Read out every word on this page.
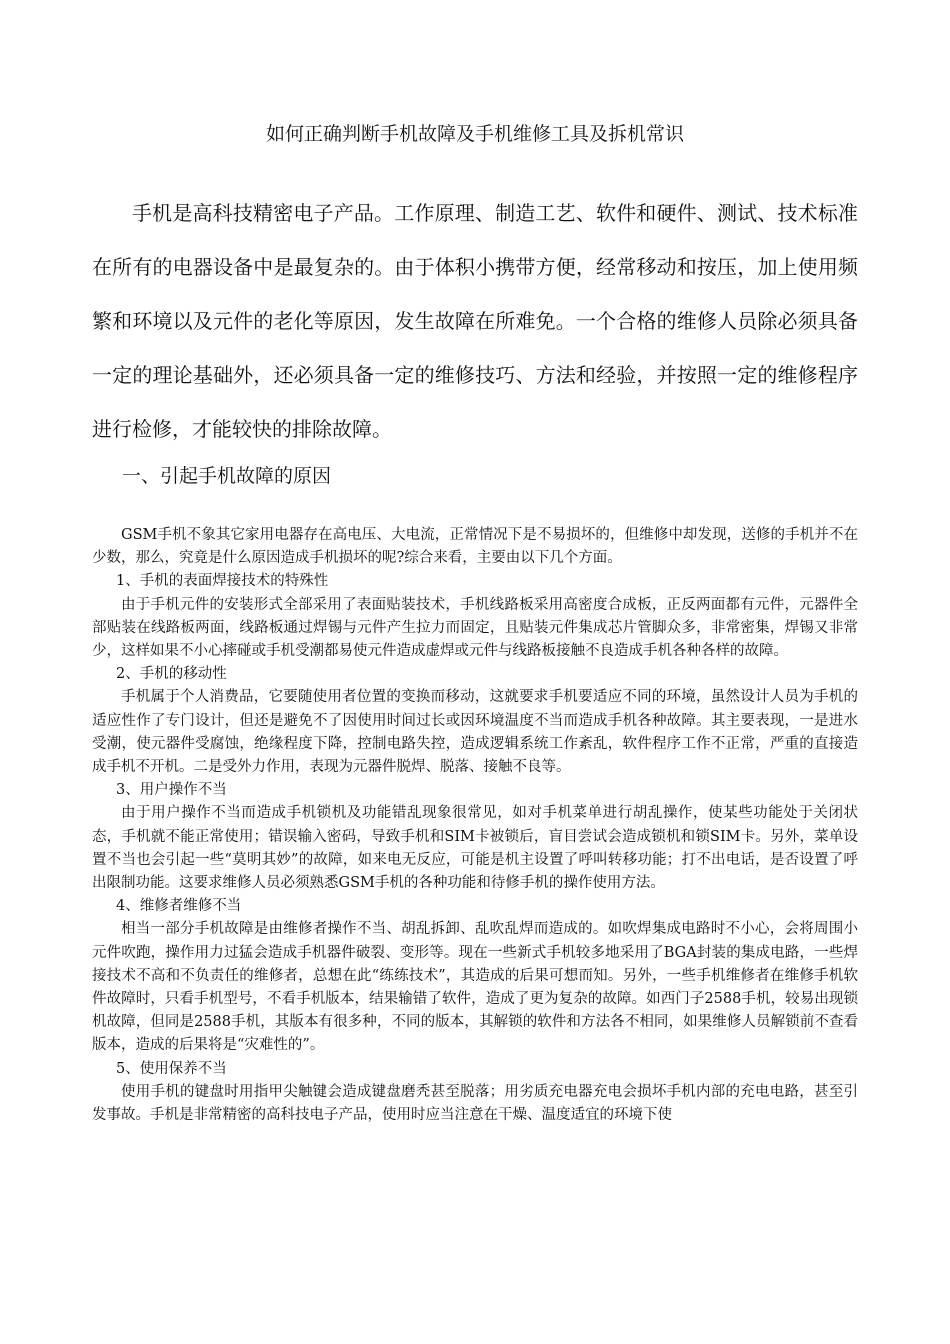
如何正确判断手机故障及手机维修工具及拆机常识

手机是高科技精密电子产品。工作原理、制造工艺、软件和硬件、测试、技术标准在所有的电器设备中是最复杂的。由于体积小携带方便，经常移动和按压，加上使用频繁和环境以及元件的老化等原因，发生故障在所难免。一个合格的维修人员除必须具备一定的理论基础外，还必须具备一定的维修技巧、方法和经验，并按照一定的维修程序进行检修，才能较快的排除故障。

一、引起手机故障的原因

GSM手机不象其它家用电器存在高电压、大电流，正常情况下是不易损坏的，但维修中却发现，送修的手机并不在少数，那么，究竟是什么原因造成手机损坏的呢?综合来看，主要由以下几个方面。

1、手机的表面焊接技术的特殊性

由于手机元件的安装形式全部采用了表面贴装技术，手机线路板采用高密度合成板，正反两面都有元件，元器件全部贴装在线路板两面，线路板通过焊锡与元件产生拉力而固定，且贴装元件集成芯片管脚众多，非常密集，焊锡又非常少，这样如果不小心摔碰或手机受潮都易使元件造成虚焊或元件与线路板接触不良造成手机各种各样的故障。

2、手机的移动性

手机属于个人消费品，它要随使用者位置的变换而移动，这就要求手机要适应不同的环境，虽然设计人员为手机的适应性作了专门设计，但还是避免不了因使用时间过长或因环境温度不当而造成手机各种故障。其主要表现，一是进水受潮，使元器件受腐蚀，绝缘程度下降，控制电路失控，造成逻辑系统工作紊乱，软件程序工作不正常，严重的直接造成手机不开机。二是受外力作用，表现为元器件脱焊、脱落、接触不良等。

3、用户操作不当

由于用户操作不当而造成手机锁机及功能错乱现象很常见，如对手机菜单进行胡乱操作，使某些功能处于关闭状态，手机就不能正常使用；错误输入密码，导致手机和SIM卡被锁后，盲目尝试会造成锁机和锁SIM卡。另外，菜单设置不当也会引起一些“莫明其妙”的故障，如来电无反应，可能是机主设置了呼叫转移功能；打不出电话，是否设置了呼出限制功能。这要求维修人员必须熟悉GSM手机的各种功能和待修手机的操作使用方法。

4、维修者维修不当

相当一部分手机故障是由维修者操作不当、胡乱拆卸、乱吹乱焊而造成的。如吹焊集成电路时不小心，会将周围小元件吹跑，操作用力过猛会造成手机器件破裂、变形等。现在一些新式手机较多地采用了BGA封装的集成电路，一些焊接技术不高和不负责任的维修者，总想在此“练练技术”，其造成的后果可想而知。另外，一些手机维修者在维修手机软件故障时，只看手机型号，不看手机版本，结果输错了软件，造成了更为复杂的故障。如西门子2588手机，较易出现锁机故障，但同是2588手机，其版本有很多种，不同的版本，其解锁的软件和方法各不相同，如果维修人员解锁前不查看版本，造成的后果将是“灾难性的”。

5、使用保养不当

使用手机的键盘时用指甲尖触键会造成键盘磨秃甚至脱落；用劣质充电器充电会损坏手机内部的充电电路，甚至引发事故。手机是非常精密的高科技电子产品，使用时应当注意在干燥、温度适宜的环境下使
